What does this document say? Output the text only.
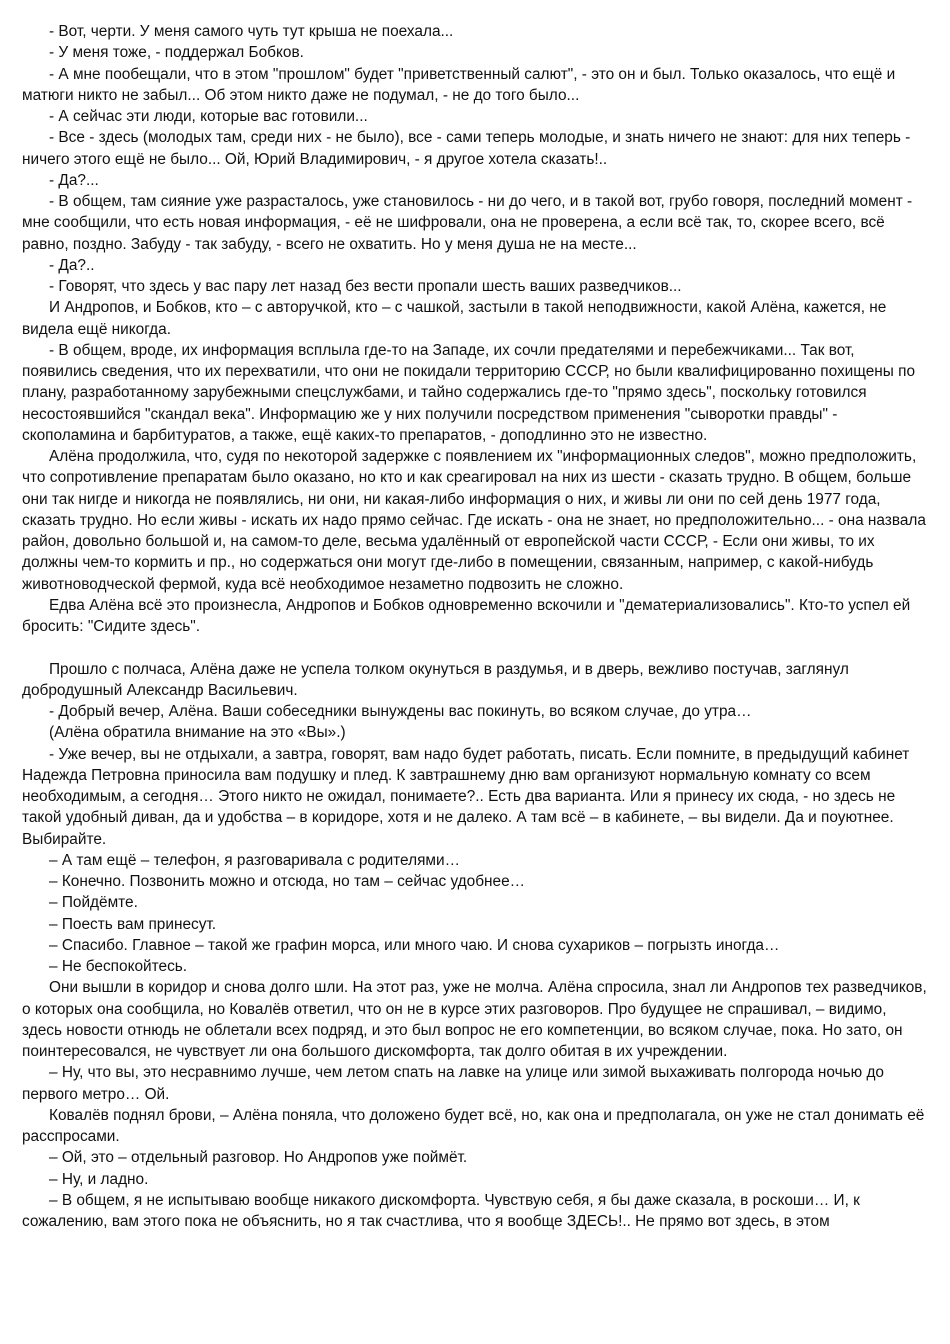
- Вот, черти. У меня самого чуть тут крыша не поехала...

- У меня тоже, - поддержал Бобков.

- А мне пообещали, что в этом "прошлом" будет "приветственный салют", - это он и был. Только оказалось, что ещё и матюги никто не забыл... Об этом никто даже не подумал, - не до того было...

- А сейчас эти люди, которые вас готовили...

- Все - здесь (молодых там, среди них - не было), все - сами теперь молодые, и знать ничего не знают: для них теперь - ничего этого ещё не было... Ой, Юрий Владимирович, - я другое хотела сказать!..

- Да?...

- В общем, там сияние уже разрасталось, уже становилось - ни до чего, и в такой вот, грубо говоря, последний момент - мне сообщили, что есть новая информация, - её не шифровали, она не проверена, а если всё так, то, скорее всего, всё равно, поздно. Забуду - так забуду, - всего не охватить. Но у меня душа не на месте...

- Да?..

- Говорят, что здесь у вас пару лет назад без вести пропали шесть ваших разведчиков...

И Андропов, и Бобков, кто – с авторучкой, кто – с чашкой, застыли в такой неподвижности, какой Алёна, кажется, не видела ещё никогда.

- В общем, вроде, их информация всплыла где-то на Западе, их сочли предателями и перебежчиками... Так вот, появились сведения, что их перехватили, что они не покидали территорию СССР, но были квалифицированно похищены по плану, разработанному зарубежными спецслужбами, и тайно содержались где-то "прямо здесь", поскольку готовился несостоявшийся "скандал века". Информацию же у них получили посредством применения "сыворотки правды" - скополамина и барбитуратов, а также, ещё каких-то препаратов, - доподлинно это не известно.

Алёна продолжила, что, судя по некоторой задержке с появлением их "информационных следов", можно предположить, что сопротивление препаратам было оказано, но кто и как среагировал на них из шести - сказать трудно. В общем, больше они так нигде и никогда не появлялись, ни они, ни какая-либо информация о них, и живы ли они по сей день 1977 года, сказать трудно. Но если живы - искать их надо прямо сейчас. Где искать - она не знает, но предположительно... - она назвала район, довольно большой и, на самом-то деле, весьма удалённый от европейской части СССР, - Если они живы, то их должны чем-то кормить и пр., но содержаться они могут где-либо в помещении, связанным, например, с какой-нибудь животноводческой фермой, куда всё необходимое незаметно подвозить не сложно.

Едва Алёна всё это произнесла, Андропов и Бобков одновременно вскочили и "дематериализовались". Кто-то успел ей бросить: "Сидите здесь".

Прошло с полчаса, Алёна даже не успела толком окунуться в раздумья, и в дверь, вежливо постучав, заглянул добродушный Александр Васильевич.

- Добрый вечер, Алёна. Ваши собеседники вынуждены вас покинуть, во всяком случае, до утра…

(Алёна обратила внимание на это «Вы».)

- Уже вечер, вы не отдыхали, а завтра, говорят, вам надо будет работать, писать. Если помните, в предыдущий кабинет Надежда Петровна приносила вам подушку и плед. К завтрашнему дню вам организуют нормальную комнату со всем необходимым, а сегодня… Этого никто не ожидал, понимаете?.. Есть два варианта. Или я принесу их сюда, - но здесь не такой удобный диван, да и удобства – в коридоре, хотя и не далеко. А там всё – в кабинете, – вы видели. Да и поуютнее. Выбирайте.

– А там ещё – телефон, я разговаривала с родителями…

– Конечно. Позвонить можно и отсюда, но там – сейчас удобнее…

– Пойдёмте.

– Поесть вам принесут.

– Спасибо. Главное – такой же графин морса, или много чаю. И снова сухариков – погрызть иногда…

– Не беспокойтесь.

Они вышли в коридор и снова долго шли. На этот раз, уже не молча. Алёна спросила, знал ли Андропов тех разведчиков, о которых она сообщила, но Ковалёв ответил, что он не в курсе этих разговоров. Про будущее не спрашивал, – видимо, здесь новости отнюдь не облетали всех подряд, и это был вопрос не его компетенции, во всяком случае, пока. Но зато, он поинтересовался, не чувствует ли она большого дискомфорта, так долго обитая в их учреждении.

– Ну, что вы, это несравнимо лучше, чем летом спать на лавке на улице или зимой выхаживать полгорода ночью до первого метро… Ой.

Ковалёв поднял брови, – Алёна поняла, что доложено будет всё, но, как она и предполагала, он уже не стал донимать её расспросами.

– Ой, это – отдельный разговор. Но Андропов уже поймёт.

– Ну, и ладно.

– В общем, я не испытываю вообще никакого дискомфорта. Чувствую себя, я бы даже сказала, в роскоши… И, к сожалению, вам этого пока не объяснить, но я так счастлива, что я вообще ЗДЕСЬ!.. Не прямо вот здесь, в этом
